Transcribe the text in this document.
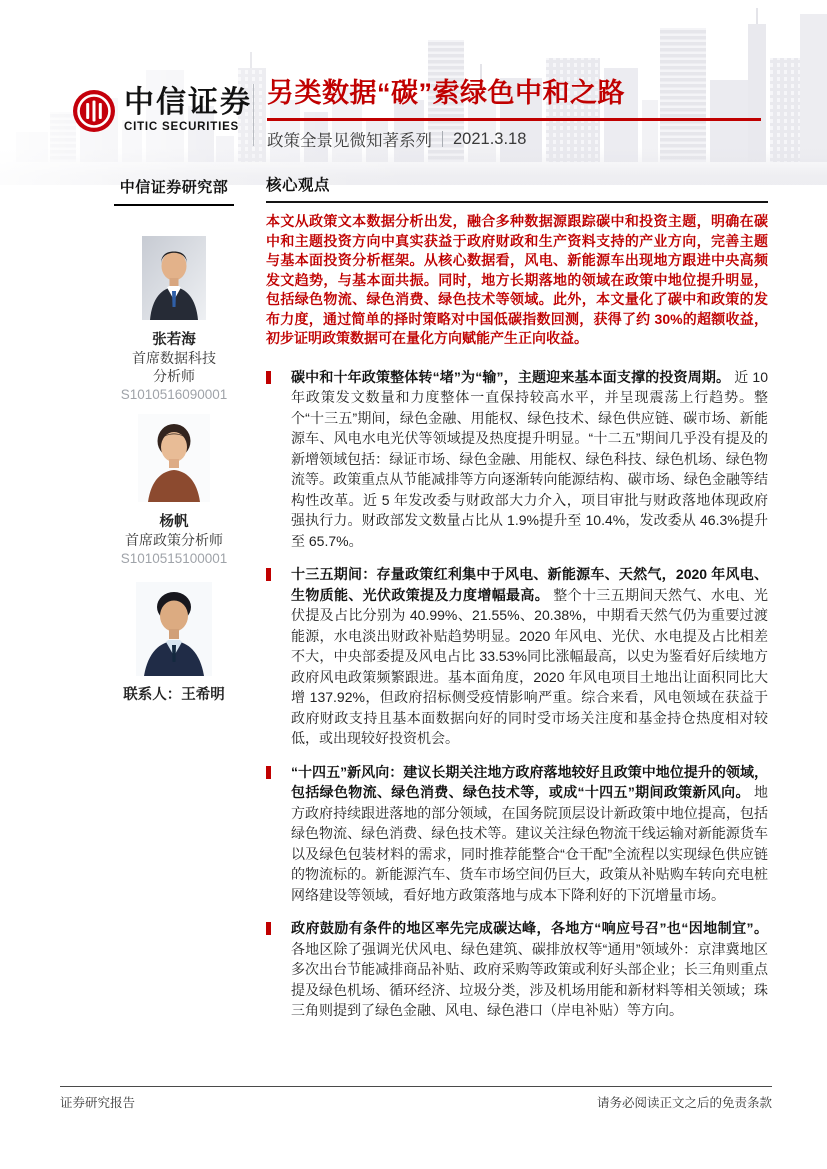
中信证券
CITIC SECURITIES
另类数据“碳”索绿色中和之路
政策全景见微知著系列 2021.3.18
中信证券研究部
张若海
首席数据科技
分析师
S1010516090001
杨帆
首席政策分析师
S1010515100001
联系人：王希明
核心观点

本文从政策文本数据分析出发，融合多种数据源跟踪碳中和投资主题，明确在碳中和主题投资方向中真实获益于政府财政和生产资料支持的产业方向，完善主题与基本面投资分析框架。从核心数据看，风电、新能源车出现地方跟进中央高频发文趋势，与基本面共振。同时，地方长期落地的领域在政策中地位提升明显，包括绿色物流、绿色消费、绿色技术等领域。此外，本文量化了碳中和政策的发布力度，通过简单的择时策略对中国低碳指数回测，获得了约 30%的超额收益，初步证明政策数据可在量化方向赋能产生正向收益。

碳中和十年政策整体转“堵”为“输”，主题迎来基本面支撑的投资周期。 近 10 年政策发文数量和力度整体一直保持较高水平，并呈现震荡上行趋势。整个“十三五”期间，绿色金融、用能权、绿色技术、绿色供应链、碳市场、新能源车、风电水电光伏等领域提及热度提升明显。“十二五”期间几乎没有提及的新增领域包括：绿证市场、绿色金融、用能权、绿色科技、绿色机场、绿色物流等。政策重点从节能减排等方向逐渐转向能源结构、碳市场、绿色金融等结构性改革。近 5 年发改委与财政部大力介入，项目审批与财政落地体现政府强执行力。财政部发文数量占比从 1.9%提升至 10.4%，发改委从 46.3%提升至 65.7%。
十三五期间：存量政策红利集中于风电、新能源车、天然气，2020 年风电、生物质能、光伏政策提及力度增幅最高。 整个十三五期间天然气、水电、光伏提及占比分别为 40.99%、21.55%、20.38%，中期看天然气仍为重要过渡能源，水电淡出财政补贴趋势明显。2020 年风电、光伏、水电提及占比相差不大，中央部委提及风电占比 33.53%同比涨幅最高，以史为鉴看好后续地方政府风电政策频繁跟进。基本面角度，2020 年风电项目土地出让面积同比大增 137.92%，但政府招标侧受疫情影响严重。综合来看，风电领域在获益于政府财政支持且基本面数据向好的同时受市场关注度和基金持仓热度相对较低，或出现较好投资机会。
“十四五”新风向：建议长期关注地方政府落地较好且政策中地位提升的领域，包括绿色物流、绿色消费、绿色技术等，或成“十四五”期间政策新风向。 地方政府持续跟进落地的部分领域，在国务院顶层设计新政策中地位提高，包括绿色物流、绿色消费、绿色技术等。建议关注绿色物流干线运输对新能源货车以及绿色包装材料的需求，同时推荐能整合“仓干配”全流程以实现绿色供应链的物流标的。新能源汽车、货车市场空间仍巨大，政策从补贴购车转向充电桩网络建设等领域，看好地方政策落地与成本下降利好的下沉增量市场。
政府鼓励有条件的地区率先完成碳达峰，各地方“响应号召”也“因地制宜”。 各地区除了强调光伏风电、绿色建筑、碳排放权等“通用”领域外：京津冀地区多次出台节能减排商品补贴、政府采购等政策或利好头部企业；长三角则重点提及绿色机场、循环经济、垃圾分类，涉及机场用能和新材料等相关领域；珠三角则提到了绿色金融、风电、绿色港口（岸电补贴）等方向。
证券研究报告	请务必阅读正文之后的免责条款
